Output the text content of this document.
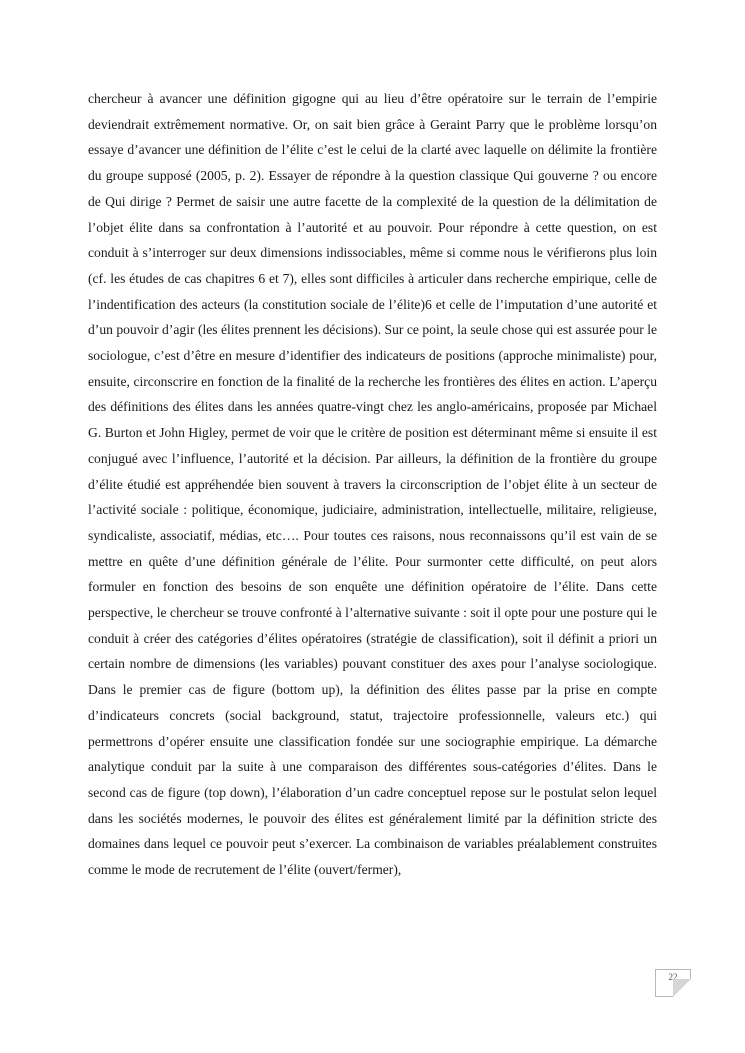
chercheur à avancer une définition gigogne qui au lieu d’être opératoire sur le terrain de l’empirie deviendrait extrêmement normative. Or, on sait bien grâce à Geraint Parry que le problème lorsqu’on essaye d’avancer une définition de l’élite c’est le celui de la clarté avec laquelle on délimite la frontière du groupe supposé (2005, p. 2). Essayer de répondre à la question classique Qui gouverne ? ou encore de Qui dirige ? Permet de saisir une autre facette de la complexité de la question de la délimitation de l’objet élite dans sa confrontation à l’autorité et au pouvoir. Pour répondre à cette question, on est conduit à s’interroger sur deux dimensions indissociables, même si comme nous le vérifierons plus loin (cf. les études de cas chapitres 6 et 7), elles sont difficiles à articuler dans recherche empirique, celle de l’indentification des acteurs (la constitution sociale de l’élite)6 et celle de l’imputation d’une autorité et d’un pouvoir d’agir (les élites prennent les décisions). Sur ce point, la seule chose qui est assurée pour le sociologue, c’est d’être en mesure d’identifier des indicateurs de positions (approche minimaliste) pour, ensuite, circonscrire en fonction de la finalité de la recherche les frontières des élites en action. L’aperçu des définitions des élites dans les années quatre-vingt chez les anglo-américains, proposée par Michael G. Burton et John Higley, permet de voir que le critère de position est déterminant même si ensuite il est conjugué avec l’influence, l’autorité et la décision. Par ailleurs, la définition de la frontière du groupe d’élite étudié est appréhendée bien souvent à travers la circonscription de l’objet élite à un secteur de l’activité sociale : politique, économique, judiciaire, administration, intellectuelle, militaire, religieuse, syndicaliste, associatif, médias, etc…. Pour toutes ces raisons, nous reconnaissons qu’il est vain de se mettre en quête d’une définition générale de l’élite. Pour surmonter cette difficulté, on peut alors formuler en fonction des besoins de son enquête une définition opératoire de l’élite. Dans cette perspective, le chercheur se trouve confronté à l’alternative suivante : soit il opte pour une posture qui le conduit à créer des catégories d’élites opératoires (stratégie de classification), soit il définit a priori un certain nombre de dimensions (les variables) pouvant constituer des axes pour l’analyse sociologique. Dans le premier cas de figure (bottom up), la définition des élites passe par la prise en compte d’indicateurs concrets (social background, statut, trajectoire professionnelle, valeurs etc.) qui permettrons d’opérer ensuite une classification fondée sur une sociographie empirique. La démarche analytique conduit par la suite à une comparaison des différentes sous-catégories d’élites. Dans le second cas de figure (top down), l’élaboration d’un cadre conceptuel repose sur le postulat selon lequel dans les sociétés modernes, le pouvoir des élites est généralement limité par la définition stricte des domaines dans lequel ce pouvoir peut s’exercer. La combinaison de variables préalablement construites comme le mode de recrutement de l’élite (ouvert/fermer),

22
